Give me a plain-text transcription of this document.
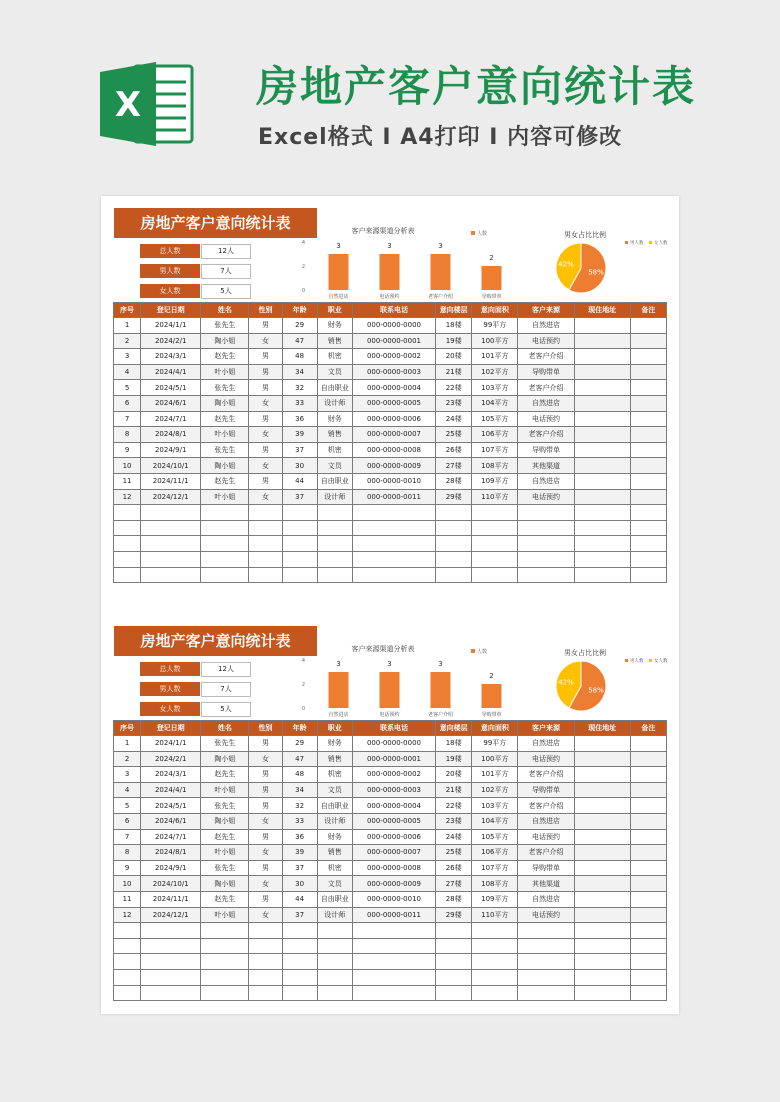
X	房地产客户意向统计表
Excel格式 I A4打印 I 内容可修改
房地产客户意向统计表
总人数	12人
男人数	7人
女人数	5人
客户来源渠道分析表	人数
0
2
4	3
自然进店
3
电话预约
3
老客户介绍
2
导购带单
男女占比比例
男人数 女人数
58%
42%
序号	登记日期	姓名	性别	年龄	职业	联系电话	意向楼层	意向面积	客户来源	现住地址	备注
1	2024/1/1	张先生	男	29	财务	000-0000-0000	18楼	99平方	自然进店		
2	2024/2/1	陶小姐	女	47	销售	000-0000-0001	19楼	100平方	电话预约		
3	2024/3/1	赵先生	男	48	机密	000-0000-0002	20楼	101平方	老客户介绍		
4	2024/4/1	叶小姐	男	34	文员	000-0000-0003	21楼	102平方	导购带单		
5	2024/5/1	张先生	男	32	自由职业	000-0000-0004	22楼	103平方	老客户介绍		
6	2024/6/1	陶小姐	女	33	设计师	000-0000-0005	23楼	104平方	自然进店		
7	2024/7/1	赵先生	男	36	财务	000-0000-0006	24楼	105平方	电话预约		
8	2024/8/1	叶小姐	女	39	销售	000-0000-0007	25楼	106平方	老客户介绍		
9	2024/9/1	张先生	男	37	机密	000-0000-0008	26楼	107平方	导购带单		
10	2024/10/1	陶小姐	女	30	文员	000-0000-0009	27楼	108平方	其他渠道		
11	2024/11/1	赵先生	男	44	自由职业	000-0000-0010	28楼	109平方	自然进店		
12	2024/12/1	叶小姐	女	37	设计师	000-0000-0011	29楼	110平方	电话预约		

房地产客户意向统计表
总人数	12人
男人数	7人
女人数	5人
客户来源渠道分析表	人数
0
2
4	3
自然进店
3
电话预约
3
老客户介绍
2
导购带单
男女占比比例
男人数 女人数
58%
42%
序号	登记日期	姓名	性别	年龄	职业	联系电话	意向楼层	意向面积	客户来源	现住地址	备注
1	2024/1/1	张先生	男	29	财务	000-0000-0000	18楼	99平方	自然进店		
2	2024/2/1	陶小姐	女	47	销售	000-0000-0001	19楼	100平方	电话预约		
3	2024/3/1	赵先生	男	48	机密	000-0000-0002	20楼	101平方	老客户介绍		
4	2024/4/1	叶小姐	男	34	文员	000-0000-0003	21楼	102平方	导购带单		
5	2024/5/1	张先生	男	32	自由职业	000-0000-0004	22楼	103平方	老客户介绍		
6	2024/6/1	陶小姐	女	33	设计师	000-0000-0005	23楼	104平方	自然进店		
7	2024/7/1	赵先生	男	36	财务	000-0000-0006	24楼	105平方	电话预约		
8	2024/8/1	叶小姐	女	39	销售	000-0000-0007	25楼	106平方	老客户介绍		
9	2024/9/1	张先生	男	37	机密	000-0000-0008	26楼	107平方	导购带单		
10	2024/10/1	陶小姐	女	30	文员	000-0000-0009	27楼	108平方	其他渠道		
11	2024/11/1	赵先生	男	44	自由职业	000-0000-0010	28楼	109平方	自然进店		
12	2024/12/1	叶小姐	女	37	设计师	000-0000-0011	29楼	110平方	电话预约		
